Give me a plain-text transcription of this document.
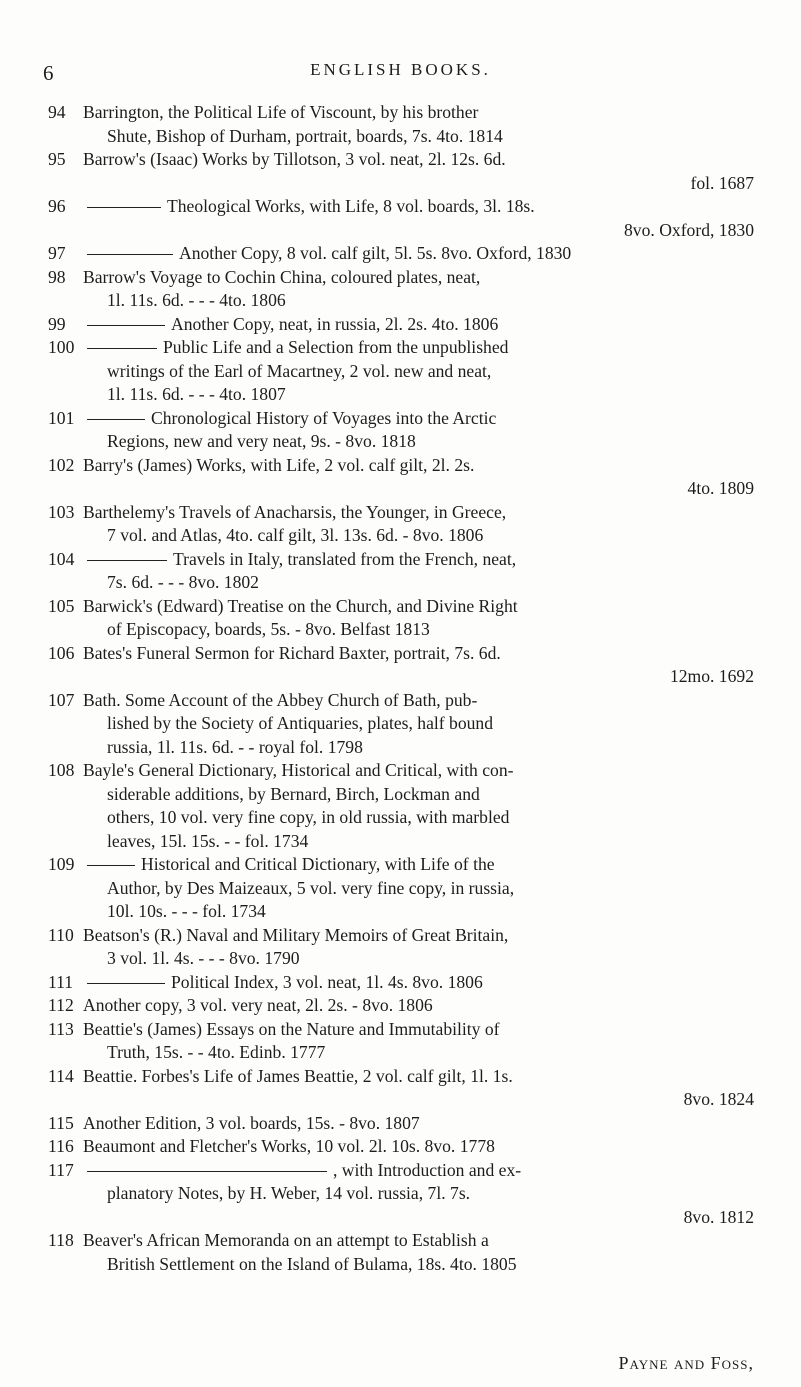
6	ENGLISH BOOKS.
94 Barrington, the Political Life of Viscount, by his brother
Shute, Bishop of Durham, portrait, boards, 7s. 4to. 1814
95 Barrow's (Isaac) Works by Tillotson, 3 vol. neat, 2l. 12s. 6d.
fol. 1687
96	Theological Works, with Life, 8 vol. boards, 3l. 18s.
8vo. Oxford, 1830
97	Another Copy, 8 vol. calf gilt, 5l. 5s. 8vo. Oxford, 1830
98 Barrow's Voyage to Cochin China, coloured plates, neat,
1l. 11s. 6d. - - - 4to. 1806
99	Another Copy, neat, in russia, 2l. 2s. 4to. 1806
100	Public Life and a Selection from the unpublished
writings of the Earl of Macartney, 2 vol. new and neat,
1l. 11s. 6d. - - - 4to. 1807
101	Chronological History of Voyages into the Arctic
Regions, new and very neat, 9s. - 8vo. 1818
102 Barry's (James) Works, with Life, 2 vol. calf gilt, 2l. 2s.
4to. 1809
103 Barthelemy's Travels of Anacharsis, the Younger, in Greece,
7 vol. and Atlas, 4to. calf gilt, 3l. 13s. 6d. - 8vo. 1806
104	Travels in Italy, translated from the French, neat,
7s. 6d. - - - 8vo. 1802
105 Barwick's (Edward) Treatise on the Church, and Divine Right
of Episcopacy, boards, 5s. - 8vo. Belfast 1813
106 Bates's Funeral Sermon for Richard Baxter, portrait, 7s. 6d.
12mo. 1692
107 Bath. Some Account of the Abbey Church of Bath, pub-
lished by the Society of Antiquaries, plates, half bound
russia, 1l. 11s. 6d. - - royal fol. 1798
108 Bayle's General Dictionary, Historical and Critical, with con-
siderable additions, by Bernard, Birch, Lockman and
others, 10 vol. very fine copy, in old russia, with marbled
leaves, 15l. 15s. - - fol. 1734
109	Historical and Critical Dictionary, with Life of the
Author, by Des Maizeaux, 5 vol. very fine copy, in russia,
10l. 10s. - - - fol. 1734
110 Beatson's (R.) Naval and Military Memoirs of Great Britain,
3 vol. 1l. 4s. - - - 8vo. 1790
111	Political Index, 3 vol. neat, 1l. 4s. 8vo. 1806
112 Another copy, 3 vol. very neat, 2l. 2s. - 8vo. 1806
113 Beattie's (James) Essays on the Nature and Immutability of
Truth, 15s. - - 4to. Edinb. 1777
114 Beattie. Forbes's Life of James Beattie, 2 vol. calf gilt, 1l. 1s.
8vo. 1824
115 Another Edition, 3 vol. boards, 15s. - 8vo. 1807
116 Beaumont and Fletcher's Works, 10 vol. 2l. 10s. 8vo. 1778
117	, with Introduction and ex-
planatory Notes, by H. Weber, 14 vol. russia, 7l. 7s.
8vo. 1812
118 Beaver's African Memoranda on an attempt to Establish a
British Settlement on the Island of Bulama, 18s. 4to. 1805
Payne and Foss,
